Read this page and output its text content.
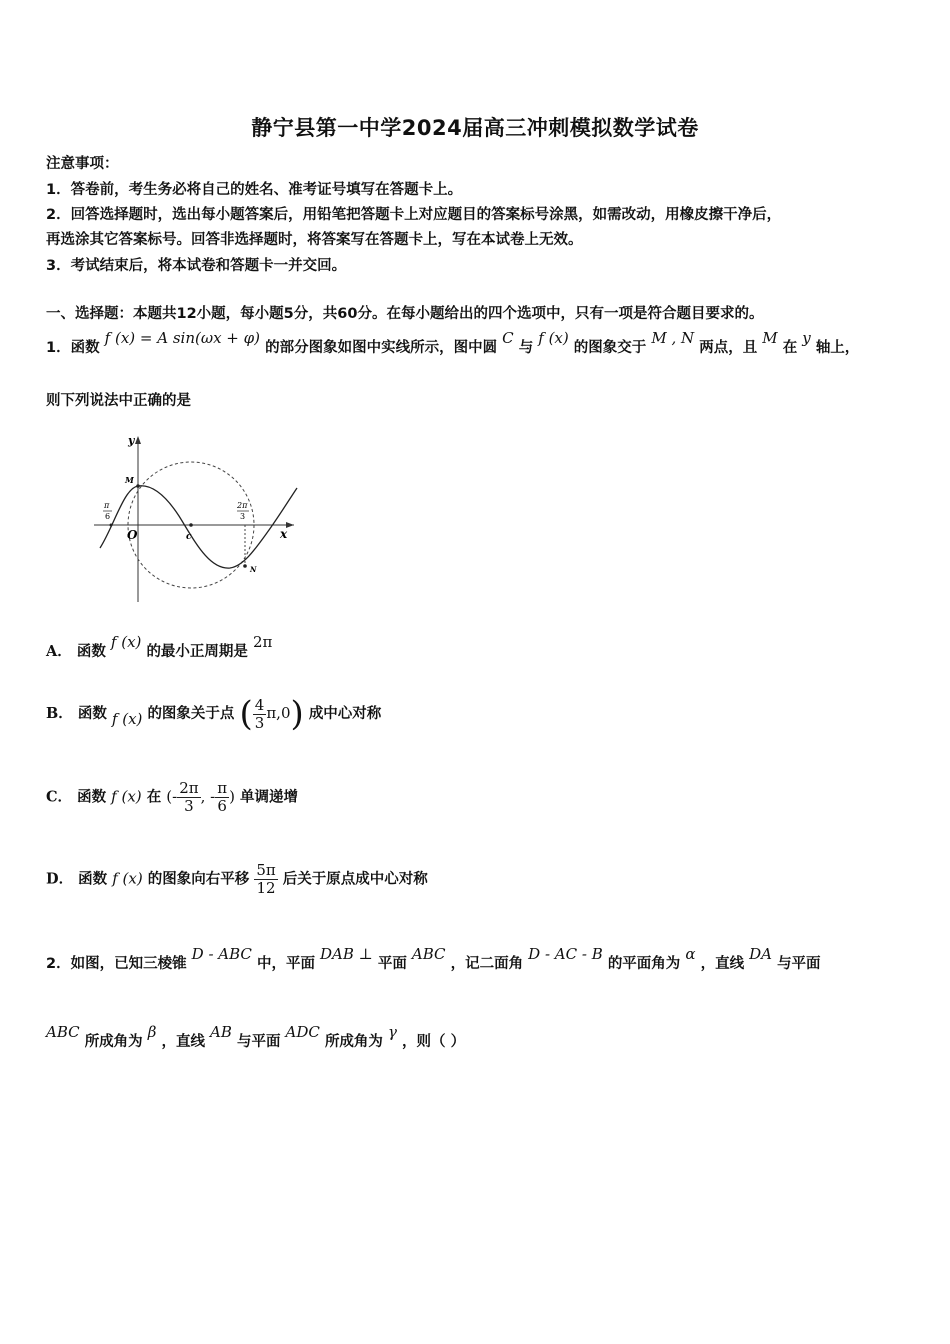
静宁县第一中学2024届高三冲刺模拟数学试卷
注意事项：
1．答卷前，考生务必将自己的姓名、准考证号填写在答题卡上。
2．回答选择题时，选出每小题答案后，用铅笔把答题卡上对应题目的答案标号涂黑，如需改动，用橡皮擦干净后，
再选涂其它答案标号。回答非选择题时，将答案写在答题卡上，写在本试卷上无效。
3．考试结束后，将本试卷和答题卡一并交回。
一、选择题：本题共12小题，每小题5分，共60分。在每小题给出的四个选项中，只有一项是符合题目要求的。
1．函数 f (x) = A sin(ωx + φ) 的部分图象如图中实线所示，图中圆 C 与 f (x) 的图象交于 M , N 两点，且 M 在 y 轴上，
则下列说法中正确的是
y
x
O
M
N
c
π
6
2π
3
A． 函数 f (x) 的最小正周期是 2π
B． 函数 f (x) 的图象关于点 ( $\frac{4}{3} \pi,0$) 成中心对称
C． 函数 f (x) 在 (- $\frac{2\pi}{3}$ , - $\frac{\pi}{6}$ ) 单调递增
D． 函数 f (x) 的图象向右平移 $\frac{5\pi}{12}$ 后关于原点成中心对称
2．如图，已知三棱锥 D - ABC 中，平面 DAB ⊥ 平面 ABC ，记二面角 D - AC - B 的平面角为 α ，直线 DA 与平面
ABC 所成角为 β ，直线 AB 与平面 ADC 所成角为 γ ，则（ ）
